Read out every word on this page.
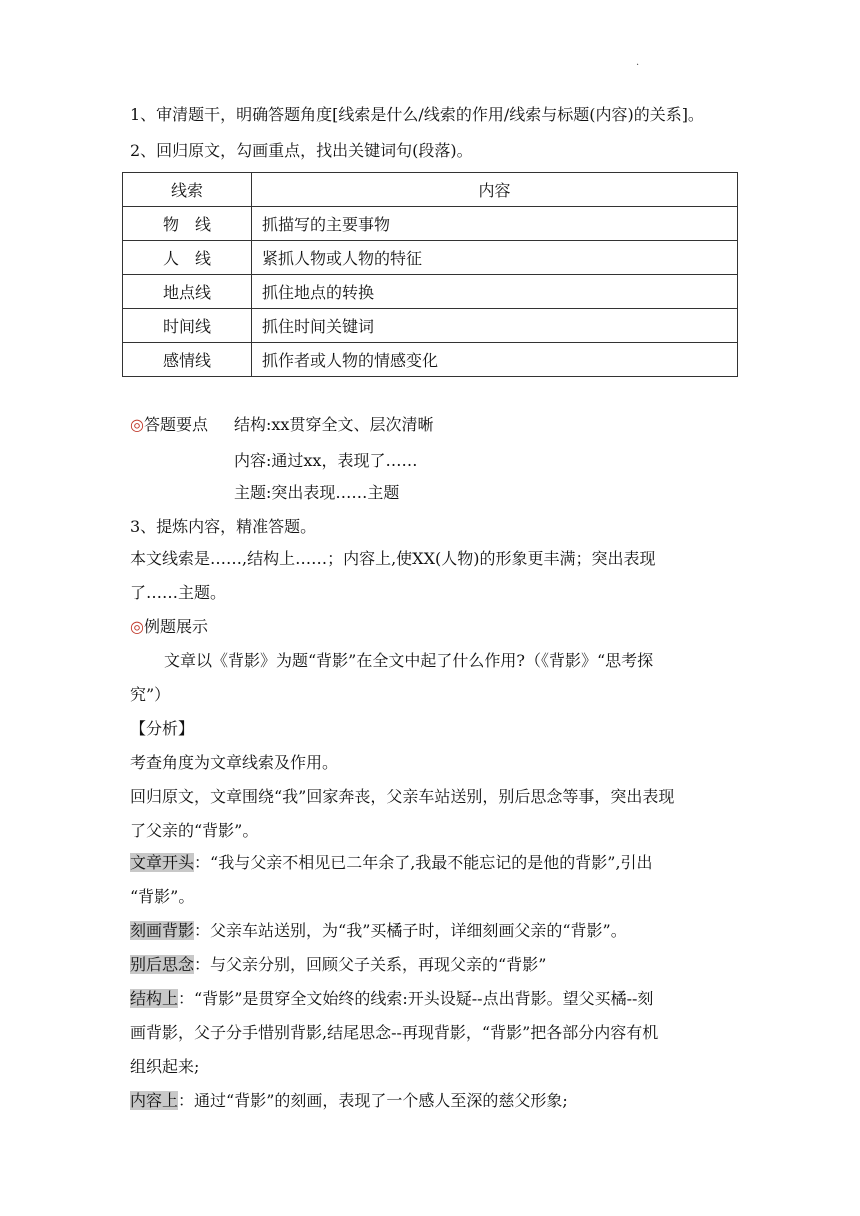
·
1、审清题干，明确答题角度[线索是什么/线索的作用/线索与标题(内容)的关系]。
2、回归原文，勾画重点，找出关键词句(段落)。
线索	内容
物　线	抓描写的主要事物
人　线	紧抓人物或人物的特征
地点线	抓住地点的转换
时间线	抓住时间关键词
感情线	抓作者或人物的情感变化
◎答题要点 结构:xx贯穿全文、层次清晰
内容:通过xx，表现了……
主题:突出表现……主题
3、提炼内容，精准答题。
本文线索是……,结构上……；内容上,使XX(人物)的形象更丰满；突出表现
了……主题。
◎例题展示
文章以《背影》为题“背影”在全文中起了什么作用?（《背影》“思考探
究”）
【分析】
考查角度为文章线索及作用。
回归原文，文章围绕“我”回家奔丧，父亲车站送别，别后思念等事，突出表现
了父亲的“背影”。
文章开头：“我与父亲不相见已二年余了,我最不能忘记的是他的背影”,引出
“背影”。
刻画背影：父亲车站送别，为“我”买橘子时，详细刻画父亲的“背影”。
别后思念：与父亲分别，回顾父子关系，再现父亲的“背影”
结构上：“背影”是贯穿全文始终的线索:开头设疑--点出背影。望父买橘--刻
画背影，父子分手惜别背影,结尾思念--再现背影，“背影”把各部分内容有机
组织起来;
内容上：通过“背影”的刻画，表现了一个感人至深的慈父形象;
